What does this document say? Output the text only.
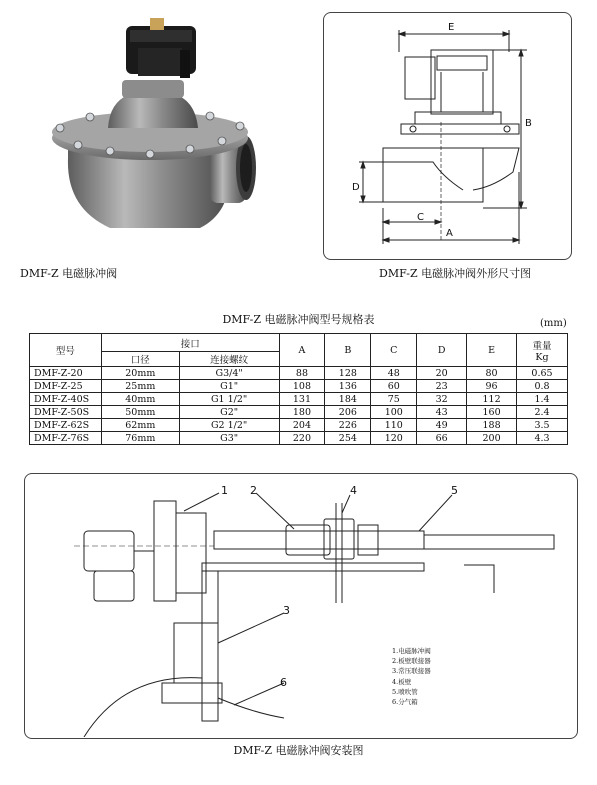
DMF-Z 电磁脉冲阀
E
B
D
C
A
DMF-Z 电磁脉冲阀外形尺寸图
DMF-Z 电磁脉冲阀型号规格表	(mm)
型号	接口		A	B	C	D	E	重量
Kg

	口径	连接螺纹						
DMF-Z-20	20mm	G3/4"	88	128	48	20	80	0.65
DMF-Z-25	25mm	G1"	108	136	60	23	96	0.8
DMF-Z-40S	40mm	G1 1/2"	131	184	75	32	112	1.4
DMF-Z-50S	50mm	G2"	180	206	100	43	160	2.4
DMF-Z-62S	62mm	G2 1/2"	204	226	110	49	188	3.5
DMF-Z-76S	76mm	G3"	220	254	120	66	200	4.3
1 2
3
4	5
6
1.电磁脉冲阀
2.板壁联接器
3.常压联接器
4.板壁
5.喷吹管
6.分气箱
DMF-Z 电磁脉冲阀安装图
